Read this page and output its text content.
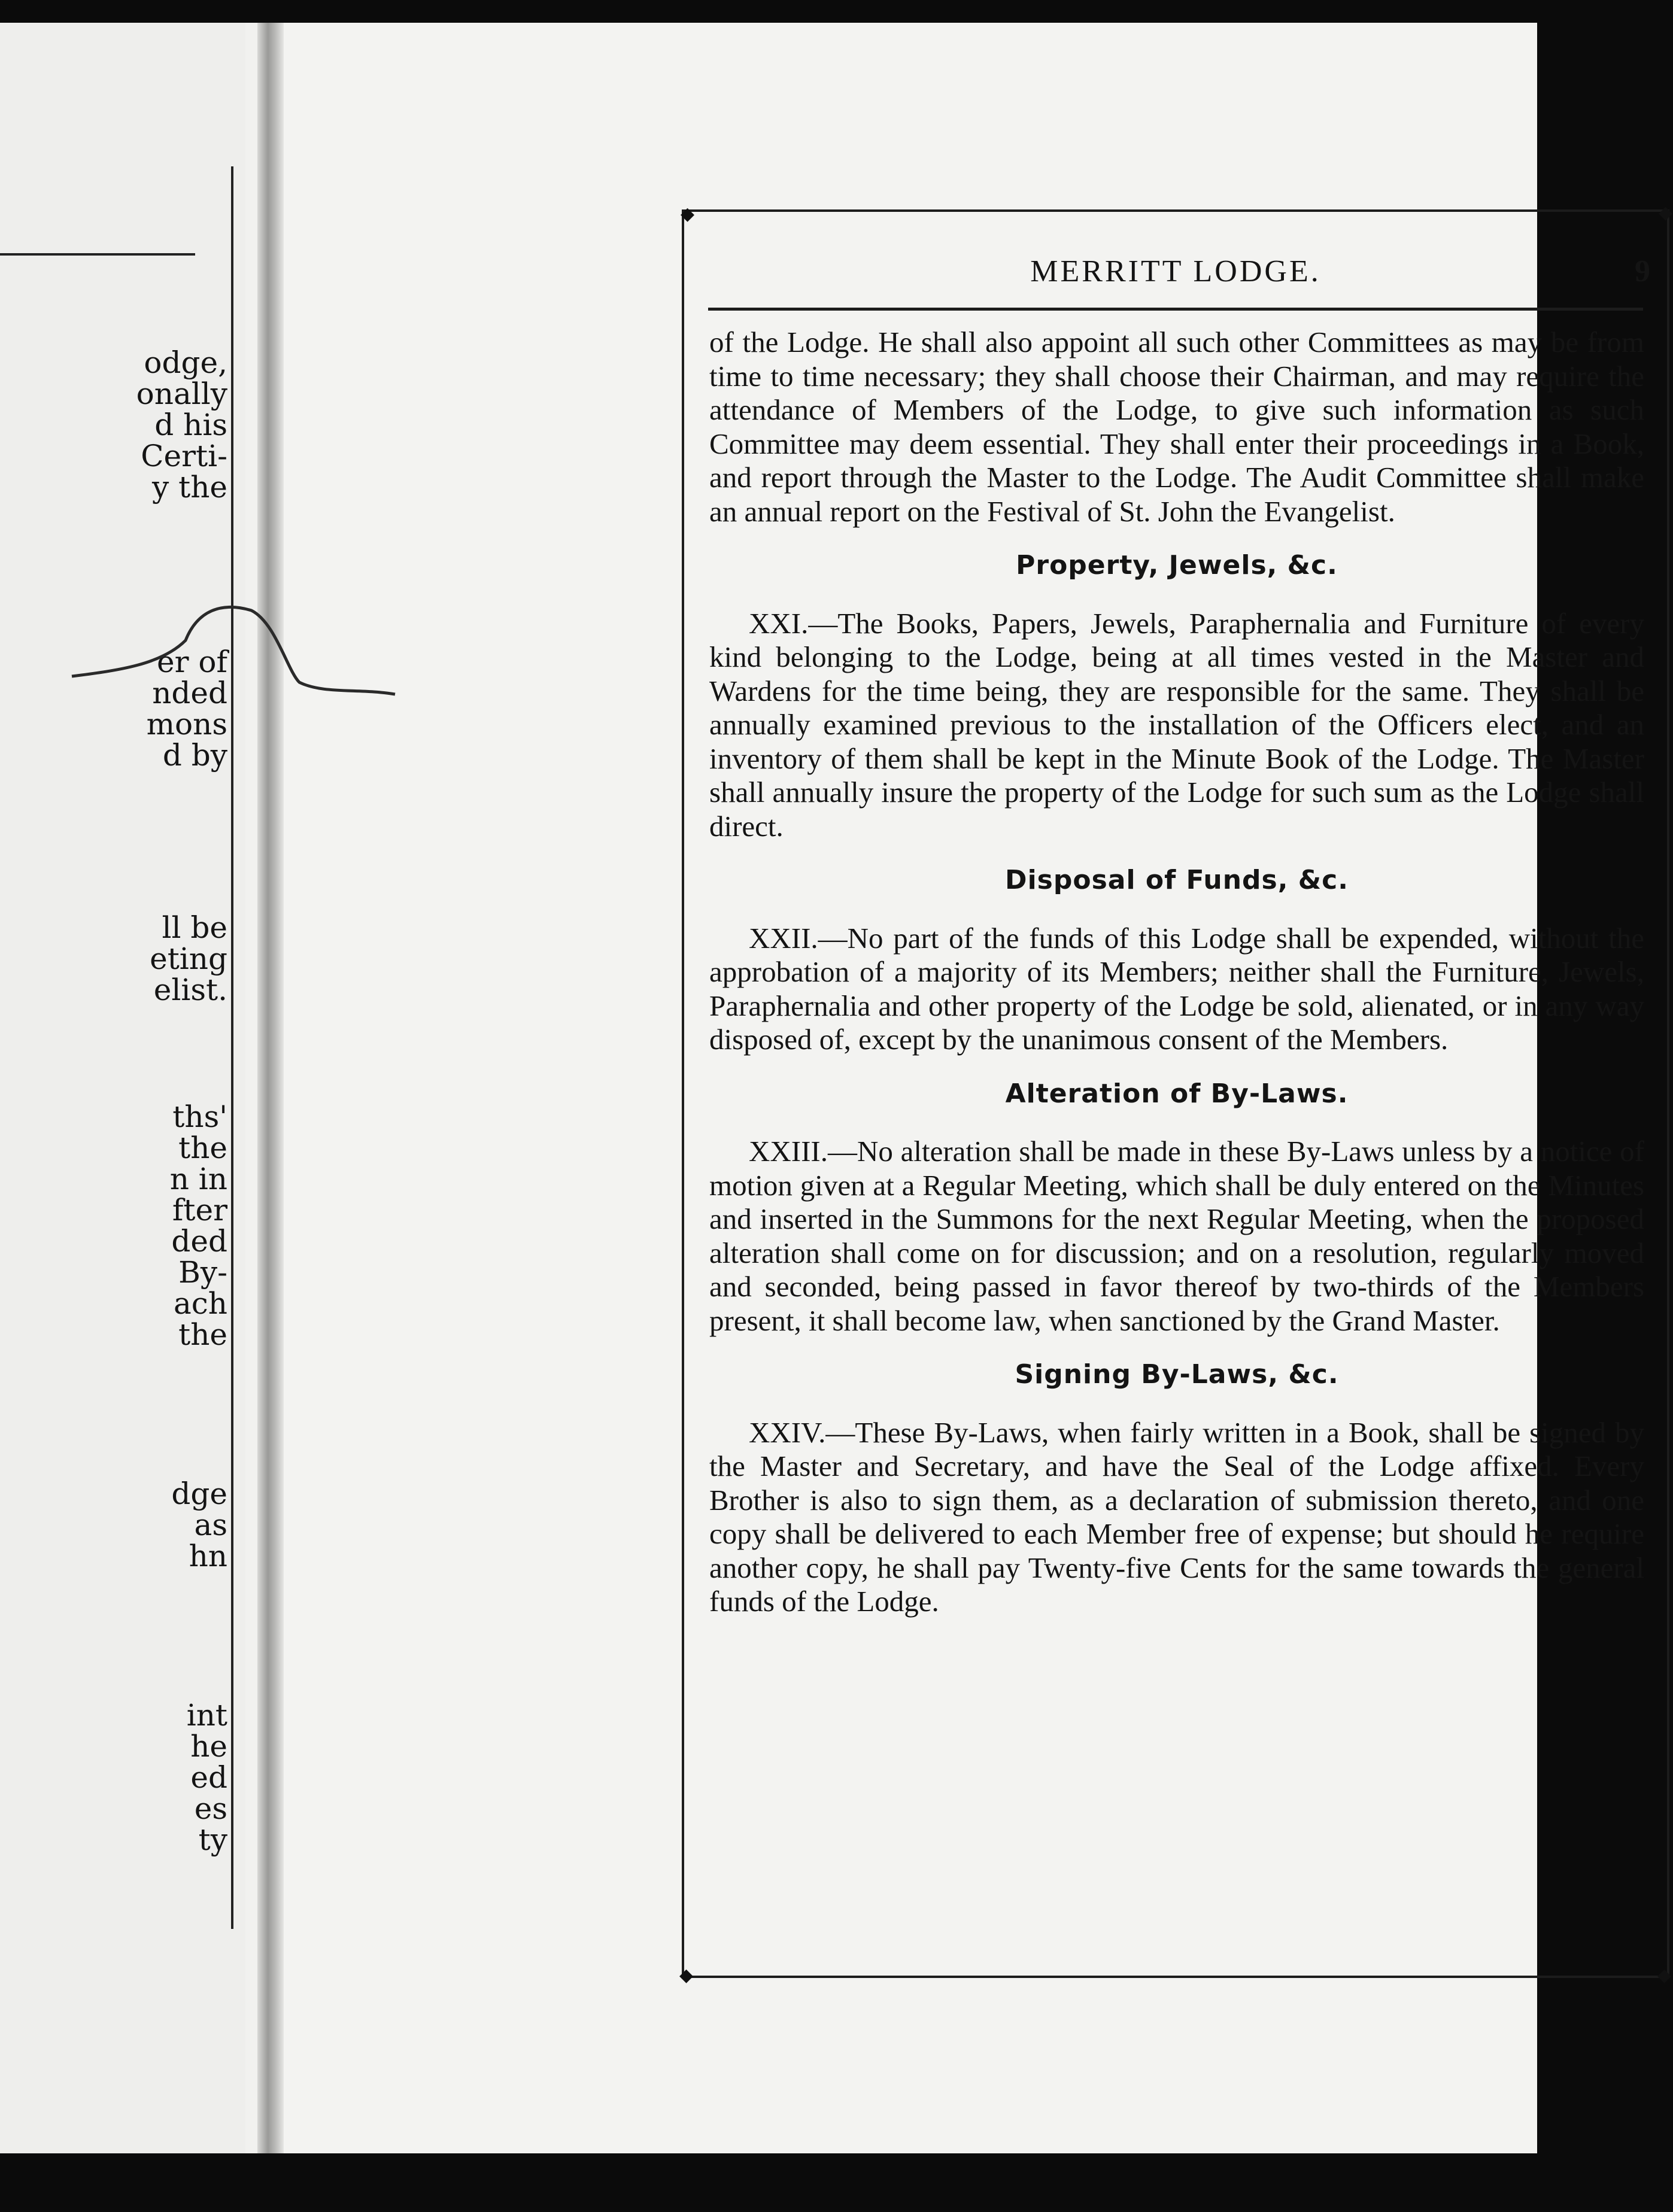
odge,
onally
d his
Certi-
y the
er of
nded
mons
d by
ll be
eting
elist.
ths'
the
n in
fter
ded
By-
ach
the
dge
as
hn
int
he
ed
es
ty
◆	◆
◆	◆
MERRITT LODGE.	9

of the Lodge. He shall also appoint all such other Committees as may be from time to time necessary; they shall choose their Chairman, and may require the attendance of Members of the Lodge, to give such information as such Committee may deem essential. They shall enter their proceedings in a Book, and report through the Master to the Lodge. The Audit Committee shall make an annual report on the Festival of St. John the Evangelist.

Property, Jewels, &c.

XXI.—The Books, Papers, Jewels, Paraphernalia and Furniture of every kind belonging to the Lodge, being at all times vested in the Master and Wardens for the time being, they are responsible for the same. They shall be annually examined previous to the installation of the Officers elect, and an inventory of them shall be kept in the Minute Book of the Lodge. The Master shall annually insure the property of the Lodge for such sum as the Lodge shall direct.

Disposal of Funds, &c.

XXII.—No part of the funds of this Lodge shall be expended, without the approbation of a majority of its Members; neither shall the Furniture, Jewels, Paraphernalia and other property of the Lodge be sold, alienated, or in any way disposed of, except by the unanimous consent of the Members.

Alteration of By-Laws.

XXIII.—No alteration shall be made in these By-Laws unless by a notice of motion given at a Regular Meeting, which shall be duly entered on the Minutes and inserted in the Summons for the next Regular Meeting, when the proposed alteration shall come on for discussion; and on a resolution, regularly moved and seconded, being passed in favor thereof by two-thirds of the Members present, it shall become law, when sanctioned by the Grand Master.

Signing By-Laws, &c.

XXIV.—These By-Laws, when fairly written in a Book, shall be signed by the Master and Secretary, and have the Seal of the Lodge affixed. Every Brother is also to sign them, as a declaration of submission thereto, and one copy shall be delivered to each Member free of expense; but should he require another copy, he shall pay Twenty-five Cents for the same towards the general funds of the Lodge.
